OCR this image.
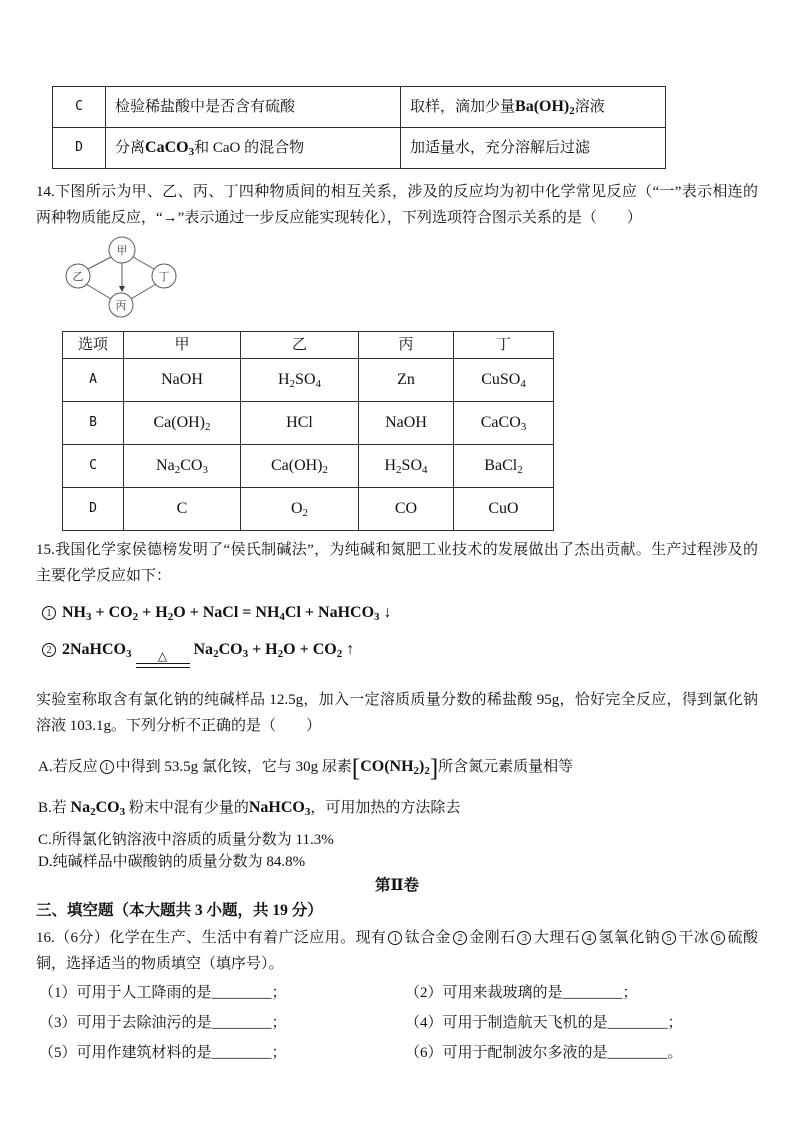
C	检验稀盐酸中是否含有硫酸	取样，滴加少量$Ba(OH)_2$溶液
D	分离CaCO$_3$和 CaO 的混合物	加适量水，充分溶解后过滤

14.下图所示为甲、乙、丙、丁四种物质间的相互关系，涉及的反应均为初中化学常见反应（“一”表示相连的两种物质能反应，“→”表示通过一步反应能实现转化），下列选项符合图示关系的是（　　）

甲
乙	丁
丙
选项	甲	乙	丙	丁
A	NaOH	$H_2SO_4$	Zn	CuSO$_4$
B	$Ca(OH)_2$	HCl	NaOH	CaCO$_3$
C	$Na_2CO_3$	$Ca(OH)_2$	$H_2SO_4$	BaCl$_2$
D	C	$O_2$	CO	CuO

15.我国化学家侯德榜发明了“侯氏制碱法”，为纯碱和氮肥工业技术的发展做出了杰出贡献。生产过程涉及的主要化学反应如下：

1 $NH_3 + CO_2 + H_2O$ + NaCl = $NH_4Cl$ + NaHCO$_3$ ↓
2 2NaHCO$_3$	△	$Na_2CO_3 + H_2O + CO_2$ ↑

实验室称取含有氯化钠的纯碱样品 12.5g，加入一定溶质质量分数的稀盐酸 95g，恰好完全反应，得到氯化钠溶液 103.1g。下列分析不正确的是（　　）

A.若反应 1 中得到 53.5g 氯化铵，它与 30g 尿素$[CO(NH_2)_2]$所含氮元素质量相等
B.若 $Na_2CO_3$ 粉末中混有少量的NaHCO$_3$，可用加热的方法除去
C.所得氯化钠溶液中溶质的质量分数为 11.3%
D.纯碱样品中碳酸钠的质量分数为 84.8%
第Ⅱ卷
三、填空题（本大题共 3 小题，共 19 分）

16.（6分）化学在生产、生活中有着广泛应用。现有 1 钛合金 2 金刚石 3 大理石 4 氢氧化钠 5 干冰 6 硫酸铜，选择适当的物质填空（填序号）。

（1）可用于人工降雨的是________；	（2）可用来裁玻璃的是________；
（3）可用于去除油污的是________；	（4）可用于制造航天飞机的是________；
（5）可用作建筑材料的是________；	（6）可用于配制波尔多液的是________。
